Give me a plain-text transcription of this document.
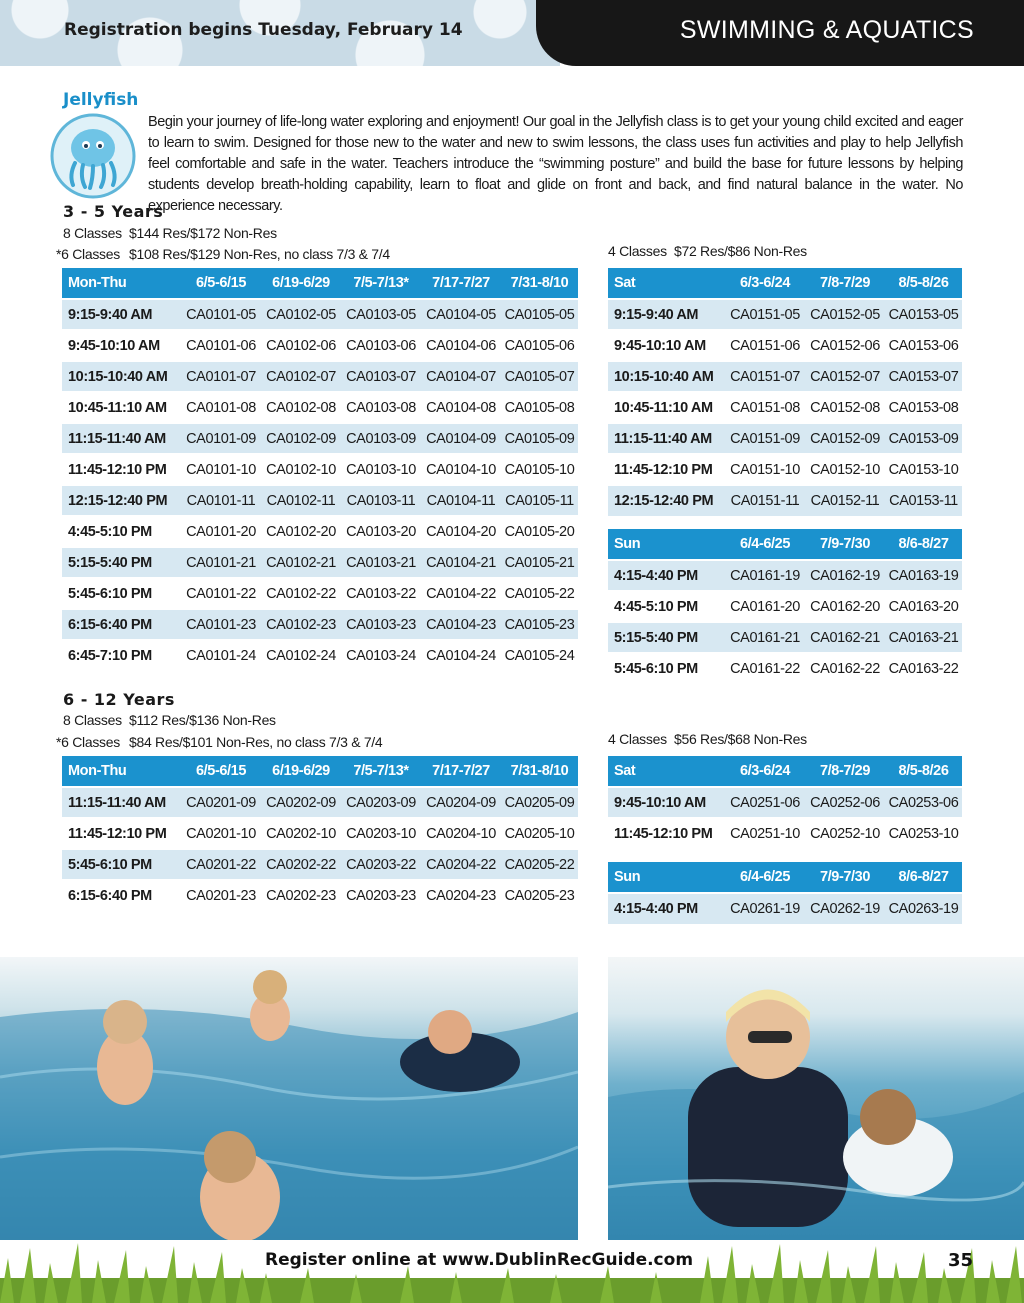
Registration begins Tuesday, February 14	SWIMMING & AQUATICS
Jellyfish
Begin your journey of life-long water exploring and enjoyment! Our goal in the Jellyfish class is to get your young child excited and eager to learn to swim. Designed for those new to the water and new to swim lessons, the class uses fun activities and play to help Jellyfish feel comfortable and safe in the water. Teachers introduce the “swimming posture” and build the base for future lessons by helping students develop breath-holding capability, learn to float and glide on front and back, and find natural balance in the water. No experience necessary.
3 - 5 Years
8 Classes $144 Res/$172 Non-Res
*6 Classes $108 Res/$129 Non-Res, no class 7/3 & 7/4	4 Classes $72 Res/$86 Non-Res
Mon-Thu	6/5-6/15	6/19-6/29	7/5-7/13*	7/17-7/27	7/31-8/10
9:15-9:40 AM	CA0101-05	CA0102-05	CA0103-05	CA0104-05	CA0105-05
9:45-10:10 AM	CA0101-06	CA0102-06	CA0103-06	CA0104-06	CA0105-06
10:15-10:40 AM	CA0101-07	CA0102-07	CA0103-07	CA0104-07	CA0105-07
10:45-11:10 AM	CA0101-08	CA0102-08	CA0103-08	CA0104-08	CA0105-08
11:15-11:40 AM	CA0101-09	CA0102-09	CA0103-09	CA0104-09	CA0105-09
11:45-12:10 PM	CA0101-10	CA0102-10	CA0103-10	CA0104-10	CA0105-10
12:15-12:40 PM	CA0101-11	CA0102-11	CA0103-11	CA0104-11	CA0105-11
4:45-5:10 PM	CA0101-20	CA0102-20	CA0103-20	CA0104-20	CA0105-20
5:15-5:40 PM	CA0101-21	CA0102-21	CA0103-21	CA0104-21	CA0105-21
5:45-6:10 PM	CA0101-22	CA0102-22	CA0103-22	CA0104-22	CA0105-22
6:15-6:40 PM	CA0101-23	CA0102-23	CA0103-23	CA0104-23	CA0105-23
6:45-7:10 PM	CA0101-24	CA0102-24	CA0103-24	CA0104-24	CA0105-24
Sat	6/3-6/24	7/8-7/29	8/5-8/26
9:15-9:40 AM	CA0151-05	CA0152-05	CA0153-05
9:45-10:10 AM	CA0151-06	CA0152-06	CA0153-06
10:15-10:40 AM	CA0151-07	CA0152-07	CA0153-07
10:45-11:10 AM	CA0151-08	CA0152-08	CA0153-08
11:15-11:40 AM	CA0151-09	CA0152-09	CA0153-09
11:45-12:10 PM	CA0151-10	CA0152-10	CA0153-10
12:15-12:40 PM	CA0151-11	CA0152-11	CA0153-11
Sun	6/4-6/25	7/9-7/30	8/6-8/27
4:15-4:40 PM	CA0161-19	CA0162-19	CA0163-19
4:45-5:10 PM	CA0161-20	CA0162-20	CA0163-20
5:15-5:40 PM	CA0161-21	CA0162-21	CA0163-21
5:45-6:10 PM	CA0161-22	CA0162-22	CA0163-22
6 - 12 Years
8 Classes $112 Res/$136 Non-Res
*6 Classes $84 Res/$101 Non-Res, no class 7/3 & 7/4	4 Classes $56 Res/$68 Non-Res
Mon-Thu	6/5-6/15	6/19-6/29	7/5-7/13*	7/17-7/27	7/31-8/10
11:15-11:40 AM	CA0201-09	CA0202-09	CA0203-09	CA0204-09	CA0205-09
11:45-12:10 PM	CA0201-10	CA0202-10	CA0203-10	CA0204-10	CA0205-10
5:45-6:10 PM	CA0201-22	CA0202-22	CA0203-22	CA0204-22	CA0205-22
6:15-6:40 PM	CA0201-23	CA0202-23	CA0203-23	CA0204-23	CA0205-23
Sat	6/3-6/24	7/8-7/29	8/5-8/26
9:45-10:10 AM	CA0251-06	CA0252-06	CA0253-06
11:45-12:10 PM	CA0251-10	CA0252-10	CA0253-10
Sun	6/4-6/25	7/9-7/30	8/6-8/27
4:15-4:40 PM	CA0261-19	CA0262-19	CA0263-19
Register online at www.DublinRecGuide.com	35
